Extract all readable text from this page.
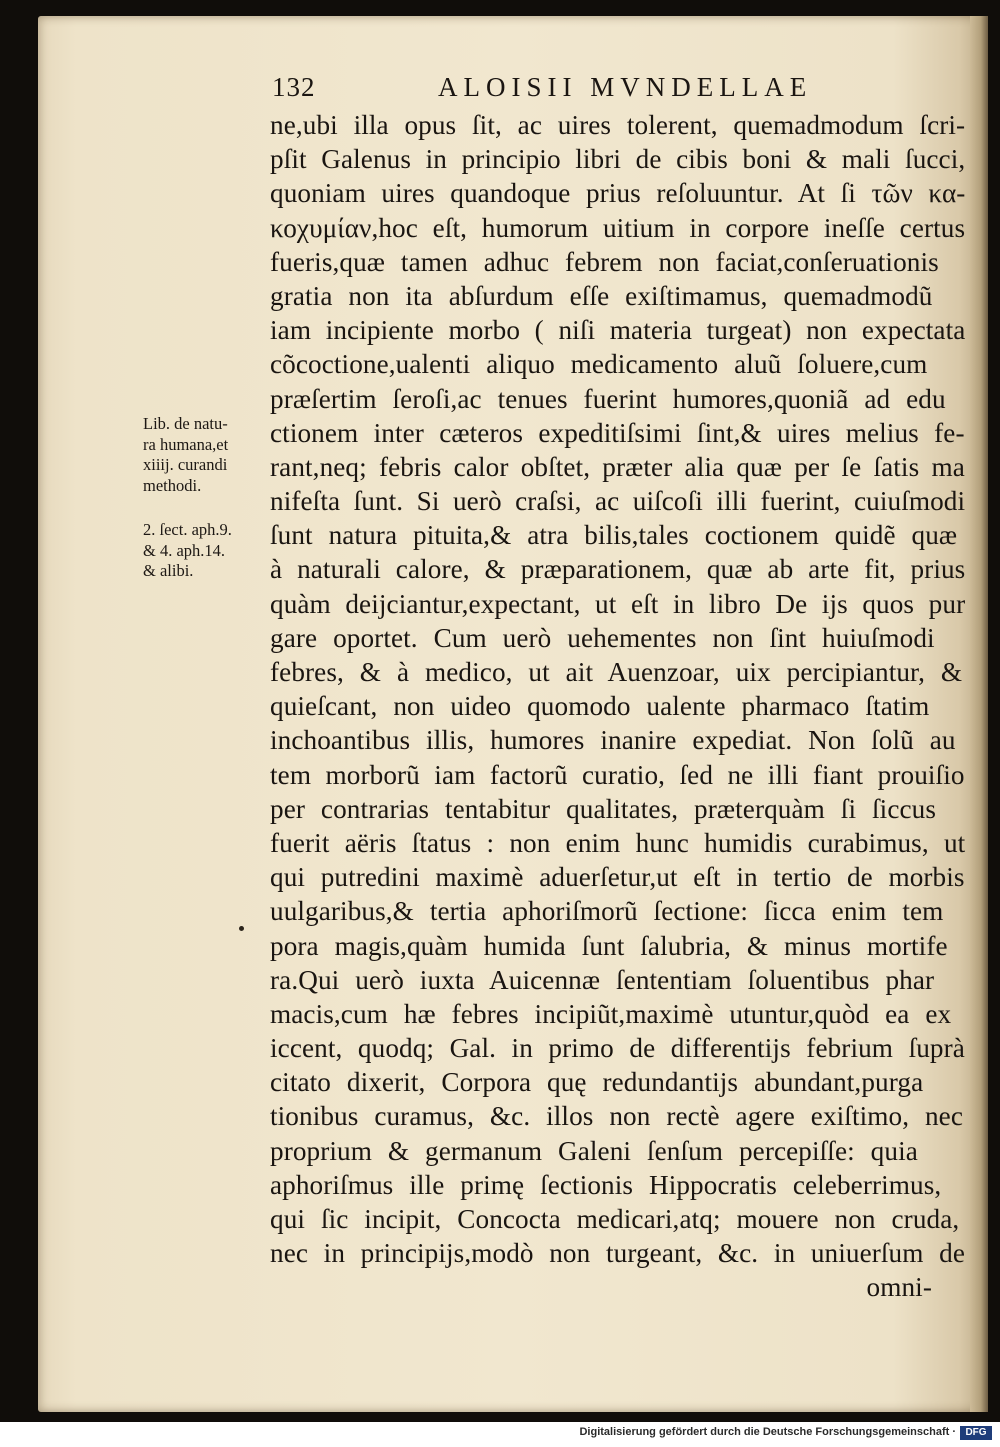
132	ALOISII MVNDELLAE
Lib. de natu-
ra humana,et
xiiij. curandi
methodi.
2. ſect. aph.9.
& 4. aph.14.
& alibi.
ne,ubi illa opus ſit, ac uires tolerent, quemadmodum ſcri-
pſit Galenus in principio libri de cibis boni & mali ſucci,
quoniam uires quandoque prius reſoluuntur. At ſi τῶν κα-
κοχυμίαν,hoc eſt, humorum uitium in corpore ineſſe certus
fueris,quæ tamen adhuc febrem non faciat,conſeruationis
gratia non ita abſurdum eſſe exiſtimamus, quemadmodũ
iam incipiente morbo ( niſi materia turgeat) non expectata
cõcoctione,ualenti aliquo medicamento aluũ ſoluere,cum
præſertim ſeroſi,ac tenues fuerint humores,quoniã ad edu
ctionem inter cæteros expeditiſsimi ſint,& uires melius fe-
rant,neq; febris calor obſtet, præter alia quæ per ſe ſatis ma
nifeſta ſunt. Si uerò craſsi, ac uiſcoſi illi fuerint, cuiuſmodi
ſunt natura pituita,& atra bilis,tales coctionem quidẽ quæ
à naturali calore, & præparationem, quæ ab arte fit, prius
quàm deijciantur,expectant, ut eſt in libro De ijs quos pur
gare oportet. Cum uerò uehementes non ſint huiuſmodi
febres, & à medico, ut ait Auenzoar, uix percipiantur, &
quieſcant, non uideo quomodo ualente pharmaco ſtatim
inchoantibus illis, humores inanire expediat. Non ſolũ au
tem morborũ iam factorũ curatio, ſed ne illi fiant prouiſio
per contrarias tentabitur qualitates, præterquàm ſi ſiccus
fuerit aëris ſtatus : non enim hunc humidis curabimus, ut
qui putredini maximè aduerſetur,ut eſt in tertio de morbis
uulgaribus,& tertia aphoriſmorũ ſectione: ſicca enim tem
pora magis,quàm humida ſunt ſalubria, & minus mortife
ra.Qui uerò iuxta Auicennæ ſententiam ſoluentibus phar
macis,cum hæ febres incipiũt,maximè utuntur,quòd ea ex
iccent, quodq; Gal. in primo de differentijs febrium ſuprà
citato dixerit, Corpora quę redundantijs abundant,purga
tionibus curamus, &c. illos non rectè agere exiſtimo, nec
proprium & germanum Galeni ſenſum percepiſſe: quia
aphoriſmus ille primę ſectionis Hippocratis celeberrimus,
qui ſic incipit, Concocta medicari,atq; mouere non cruda,
nec in principijs,modò non turgeant, &c. in uniuerſum de
omni-
Digitalisierung gefördert durch die Deutsche Forschungsgemeinschaft · DFG
